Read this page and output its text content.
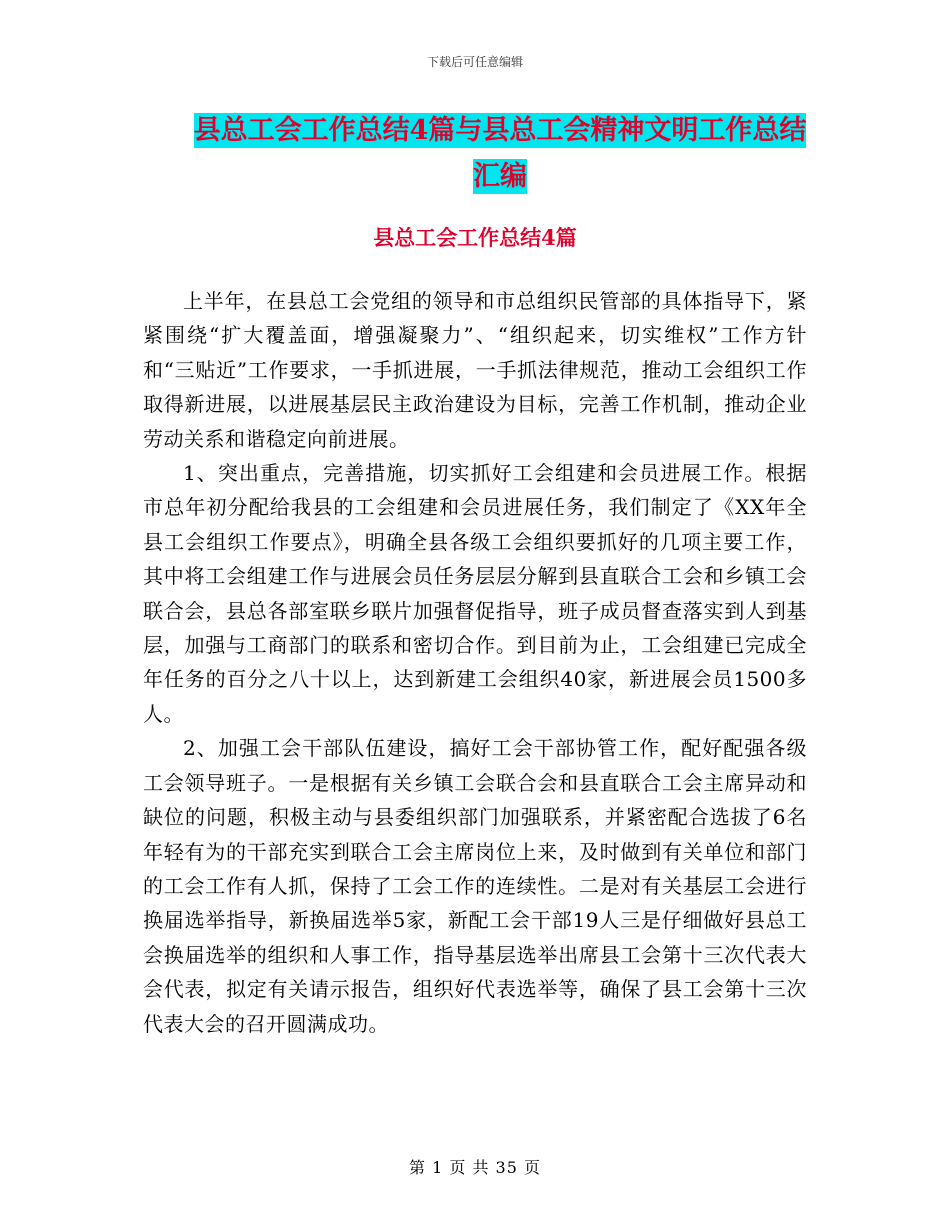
下载后可任意编辑
县总工会工作总结4篇与县总工会精神文明工作总结
汇编
县总工会工作总结4篇

上半年，在县总工会党组的领导和市总组织民管部的具体指导下，紧紧围绕“扩大覆盖面，增强凝聚力”、“组织起来，切实维权”工作方针和“三贴近”工作要求，一手抓进展，一手抓法律规范，推动工会组织工作取得新进展，以进展基层民主政治建设为目标，完善工作机制，推动企业劳动关系和谐稳定向前进展。

1、突出重点，完善措施，切实抓好工会组建和会员进展工作。根据市总年初分配给我县的工会组建和会员进展任务，我们制定了《XX年全县工会组织工作要点》，明确全县各级工会组织要抓好的几项主要工作，其中将工会组建工作与进展会员任务层层分解到县直联合工会和乡镇工会联合会，县总各部室联乡联片加强督促指导，班子成员督查落实到人到基层，加强与工商部门的联系和密切合作。到目前为止，工会组建已完成全年任务的百分之八十以上，达到新建工会组织40家，新进展会员1500多人。

2、加强工会干部队伍建设，搞好工会干部协管工作，配好配强各级工会领导班子。一是根据有关乡镇工会联合会和县直联合工会主席异动和缺位的问题，积极主动与县委组织部门加强联系，并紧密配合选拔了6名年轻有为的干部充实到联合工会主席岗位上来，及时做到有关单位和部门的工会工作有人抓，保持了工会工作的连续性。二是对有关基层工会进行换届选举指导，新换届选举5家，新配工会干部19人三是仔细做好县总工会换届选举的组织和人事工作，指导基层选举出席县工会第十三次代表大会代表，拟定有关请示报告，组织好代表选举等，确保了县工会第十三次代表大会的召开圆满成功。

第 1 页 共 35 页
